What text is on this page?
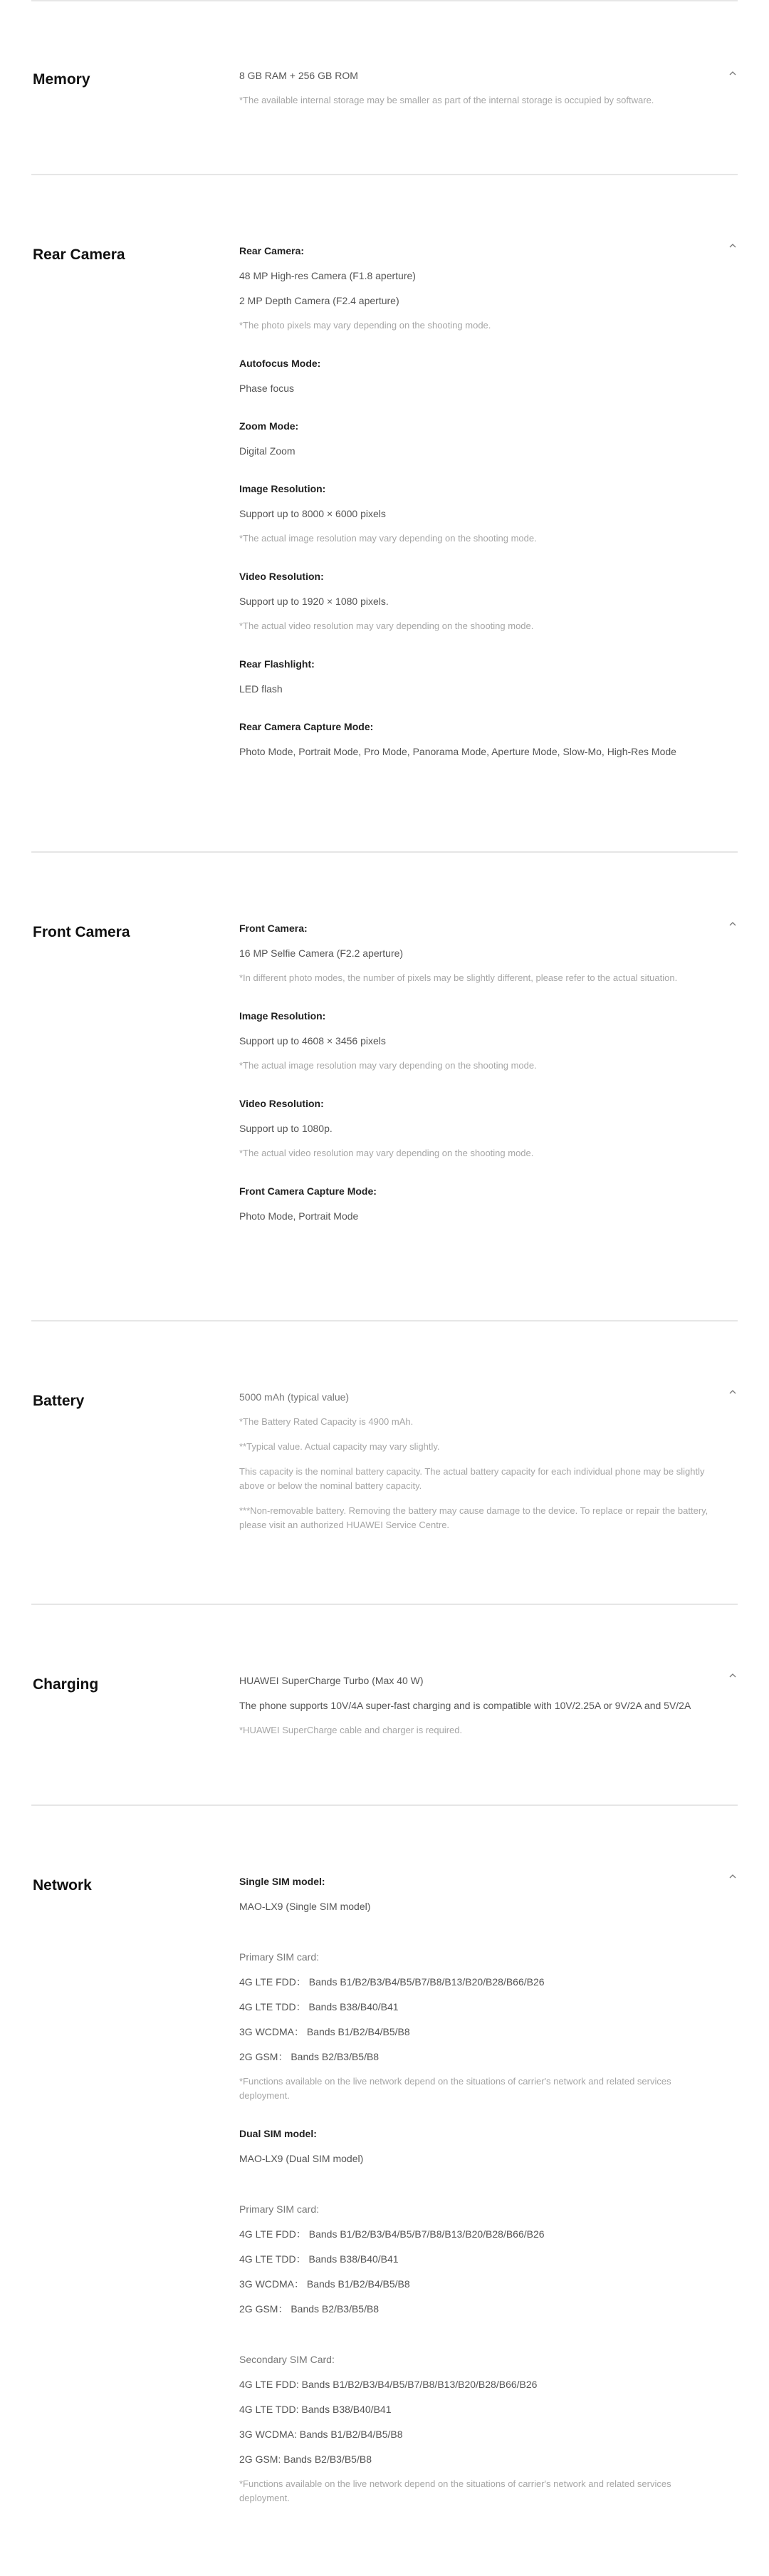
Memory	8 GB RAM + 256 GB ROM
*The available internal storage may be smaller as part of the internal storage is occupied by software.
Rear Camera	Rear Camera:
48 MP High-res Camera (F1.8 aperture)
2 MP Depth Camera (F2.4 aperture)
*The photo pixels may vary depending on the shooting mode.
Autofocus Mode:
Phase focus
Zoom Mode:
Digital Zoom
Image Resolution:
Support up to 8000 × 6000 pixels
*The actual image resolution may vary depending on the shooting mode.
Video Resolution:
Support up to 1920 × 1080 pixels.
*The actual video resolution may vary depending on the shooting mode.
Rear Flashlight:
LED flash
Rear Camera Capture Mode:
Photo Mode, Portrait Mode, Pro Mode, Panorama Mode, Aperture Mode, Slow-Mo, High-Res Mode
Front Camera	Front Camera:
16 MP Selfie Camera (F2.2 aperture)
*In different photo modes, the number of pixels may be slightly different, please refer to the actual situation.
Image Resolution:
Support up to 4608 × 3456 pixels
*The actual image resolution may vary depending on the shooting mode.
Video Resolution:
Support up to 1080p.
*The actual video resolution may vary depending on the shooting mode.
Front Camera Capture Mode:
Photo Mode, Portrait Mode
Battery	5000 mAh (typical value)
*The Battery Rated Capacity is 4900 mAh.
**Typical value. Actual capacity may vary slightly.
This capacity is the nominal battery capacity. The actual battery capacity for each individual phone may be slightly above or below the nominal battery capacity.
***Non-removable battery. Removing the battery may cause damage to the device. To replace or repair the battery, please visit an authorized HUAWEI Service Centre.
Charging	HUAWEI SuperCharge Turbo (Max 40 W)
The phone supports 10V/4A super-fast charging and is compatible with 10V/2.25A or 9V/2A and 5V/2A
*HUAWEI SuperCharge cable and charger is required.
Network	Single SIM model:
MAO-LX9 (Single SIM model)
Primary SIM card:
4G LTE FDD： Bands B1/B2/B3/B4/B5/B7/B8/B13/B20/B28/B66/B26
4G LTE TDD： Bands B38/B40/B41
3G WCDMA： Bands B1/B2/B4/B5/B8
2G GSM： Bands B2/B3/B5/B8
*Functions available on the live network depend on the situations of carrier's network and related services deployment.
Dual SIM model:
MAO-LX9 (Dual SIM model)
Primary SIM card:
4G LTE FDD： Bands B1/B2/B3/B4/B5/B7/B8/B13/B20/B28/B66/B26
4G LTE TDD： Bands B38/B40/B41
3G WCDMA： Bands B1/B2/B4/B5/B8
2G GSM： Bands B2/B3/B5/B8
Secondary SIM Card:
4G LTE FDD: Bands B1/B2/B3/B4/B5/B7/B8/B13/B20/B28/B66/B26
4G LTE TDD: Bands B38/B40/B41
3G WCDMA: Bands B1/B2/B4/B5/B8
2G GSM: Bands B2/B3/B5/B8
*Functions available on the live network depend on the situations of carrier's network and related services deployment.
